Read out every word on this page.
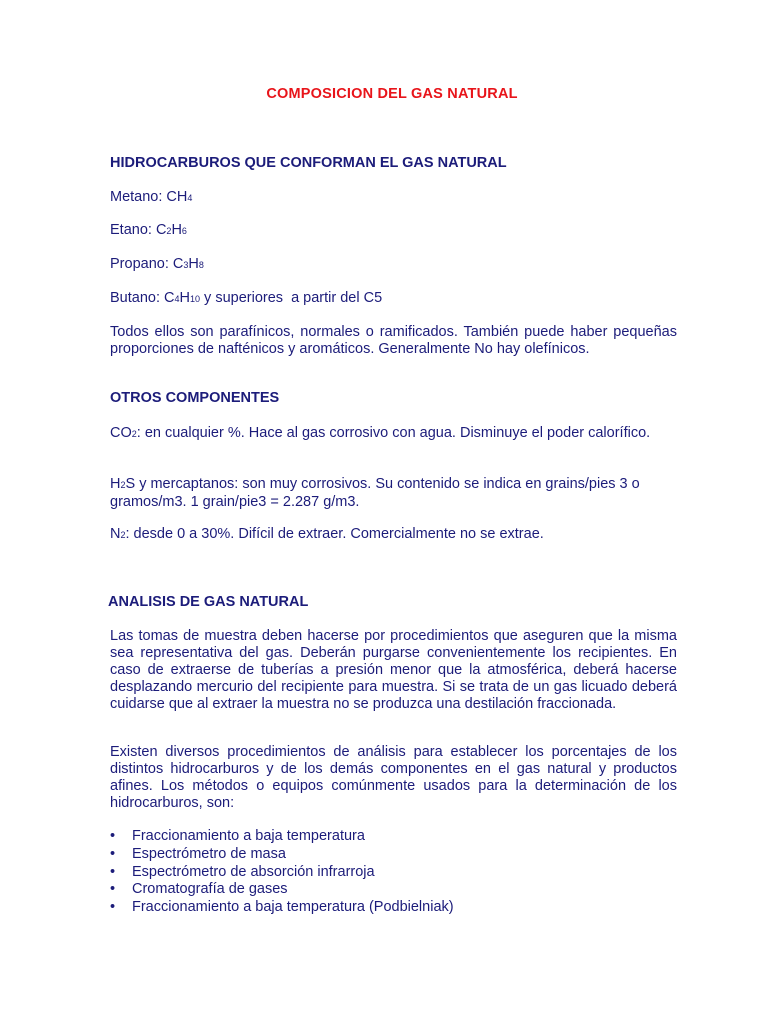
COMPOSICION DEL GAS NATURAL
HIDROCARBUROS QUE CONFORMAN EL GAS NATURAL

Metano: CH4

Etano: C2H6

Propano: C3H8

Butano: C4H10 y superiores  a partir del C5

Todos ellos son parafínicos, normales o ramificados. También puede haber pequeñas proporciones de nafténicos y aromáticos. Generalmente No hay olefínicos.

OTROS COMPONENTES

CO2: en cualquier %. Hace al gas corrosivo con agua. Disminuye el poder calorífico.

H2S y mercaptanos: son muy corrosivos. Su contenido se indica en grains/pies 3 o gramos/m3. 1 grain/pie3 = 2.287 g/m3.

N2: desde 0 a 30%. Difícil de extraer. Comercialmente no se extrae.

ANALISIS DE GAS NATURAL

Las tomas de muestra deben hacerse por procedimientos que aseguren que la misma sea representativa del gas. Deberán purgarse convenientemente los recipientes. En caso de extraerse de tuberías a presión menor que la atmosférica, deberá hacerse desplazando mercurio del recipiente para muestra. Si se trata de un gas licuado deberá cuidarse que al extraer la muestra no se produzca una destilación fraccionada.

Existen diversos procedimientos de análisis para establecer los porcentajes de los distintos hidrocarburos y de los demás componentes en el gas natural y productos afines. Los métodos o equipos comúnmente usados para la determinación de los hidrocarburos, son:

• Fraccionamiento a baja temperatura
• Espectrómetro de masa
• Espectrómetro de absorción infrarroja
• Cromatografía de gases
• Fraccionamiento a baja temperatura (Podbielniak)
